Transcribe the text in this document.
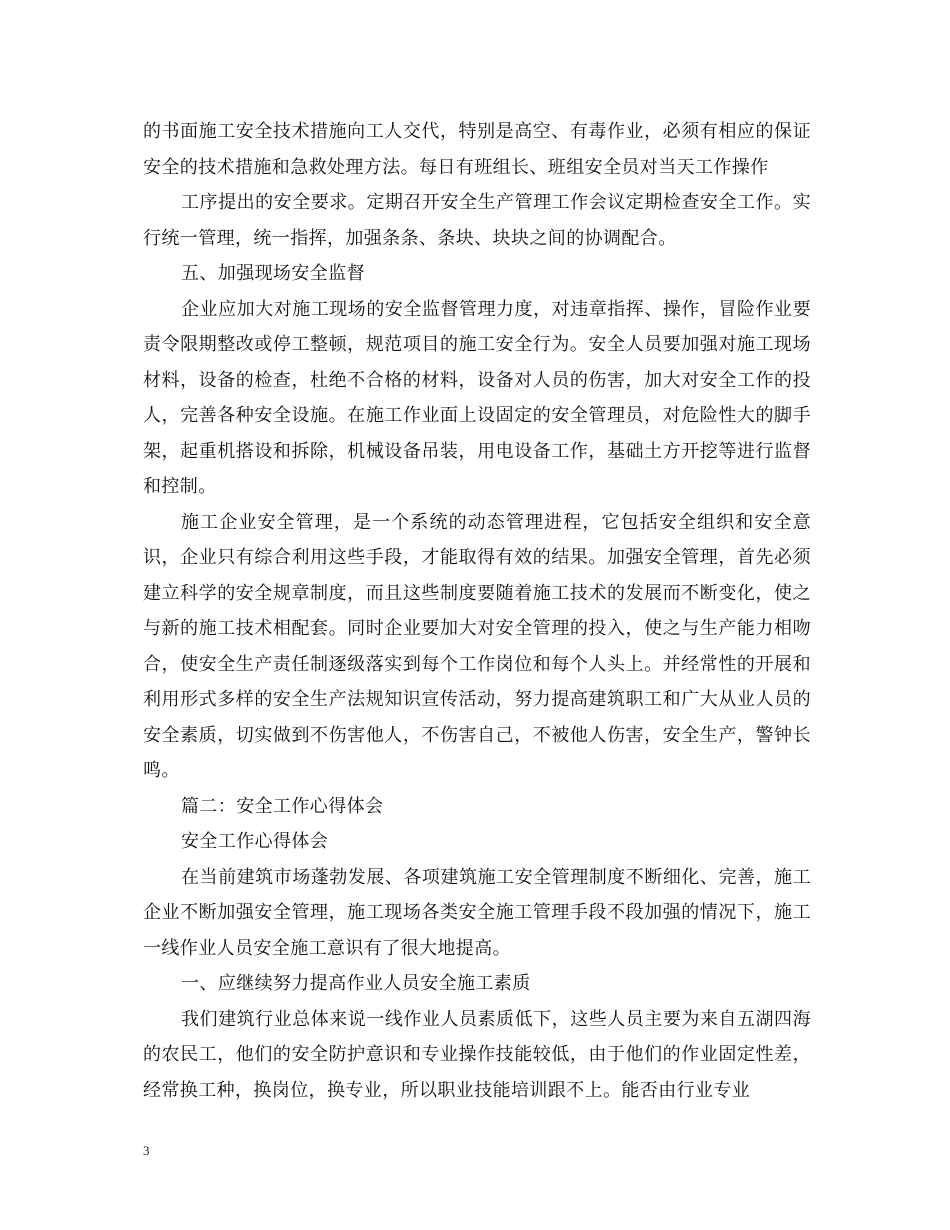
的书面施工安全技术措施向工人交代，特别是高空、有毒作业，必须有相应的保证安全的技术措施和急救处理方法。每日有班组长、班组安全员对当天工作操作

工序提出的安全要求。定期召开安全生产管理工作会议定期检查安全工作。实行统一管理，统一指挥，加强条条、条块、块块之间的协调配合。

五、加强现场安全监督

企业应加大对施工现场的安全监督管理力度，对违章指挥、操作，冒险作业要责令限期整改或停工整顿，规范项目的施工安全行为。安全人员要加强对施工现场材料，设备的检查，杜绝不合格的材料，设备对人员的伤害，加大对安全工作的投人，完善各种安全设施。在施工作业面上设固定的安全管理员，对危险性大的脚手架，起重机搭设和拆除，机械设备吊装，用电设备工作，基础土方开挖等进行监督和控制。

施工企业安全管理，是一个系统的动态管理进程，它包括安全组织和安全意识，企业只有综合利用这些手段，才能取得有效的结果。加强安全管理，首先必须建立科学的安全规章制度，而且这些制度要随着施工技术的发展而不断变化，使之与新的施工技术相配套。同时企业要加大对安全管理的投入，使之与生产能力相吻合，使安全生产责任制逐级落实到每个工作岗位和每个人头上。并经常性的开展和利用形式多样的安全生产法规知识宣传活动，努力提高建筑职工和广大从业人员的安全素质，切实做到不伤害他人，不伤害自己，不被他人伤害，安全生产，警钟长鸣。

篇二：安全工作心得体会

安全工作心得体会

在当前建筑市场蓬勃发展、各项建筑施工安全管理制度不断细化、完善，施工企业不断加强安全管理，施工现场各类安全施工管理手段不段加强的情况下，施工一线作业人员安全施工意识有了很大地提高。

一、应继续努力提高作业人员安全施工素质

我们建筑行业总体来说一线作业人员素质低下，这些人员主要为来自五湖四海的农民工，他们的安全防护意识和专业操作技能较低，由于他们的作业固定性差，经常换工种，换岗位，换专业，所以职业技能培训跟不上。能否由行业专业

3
